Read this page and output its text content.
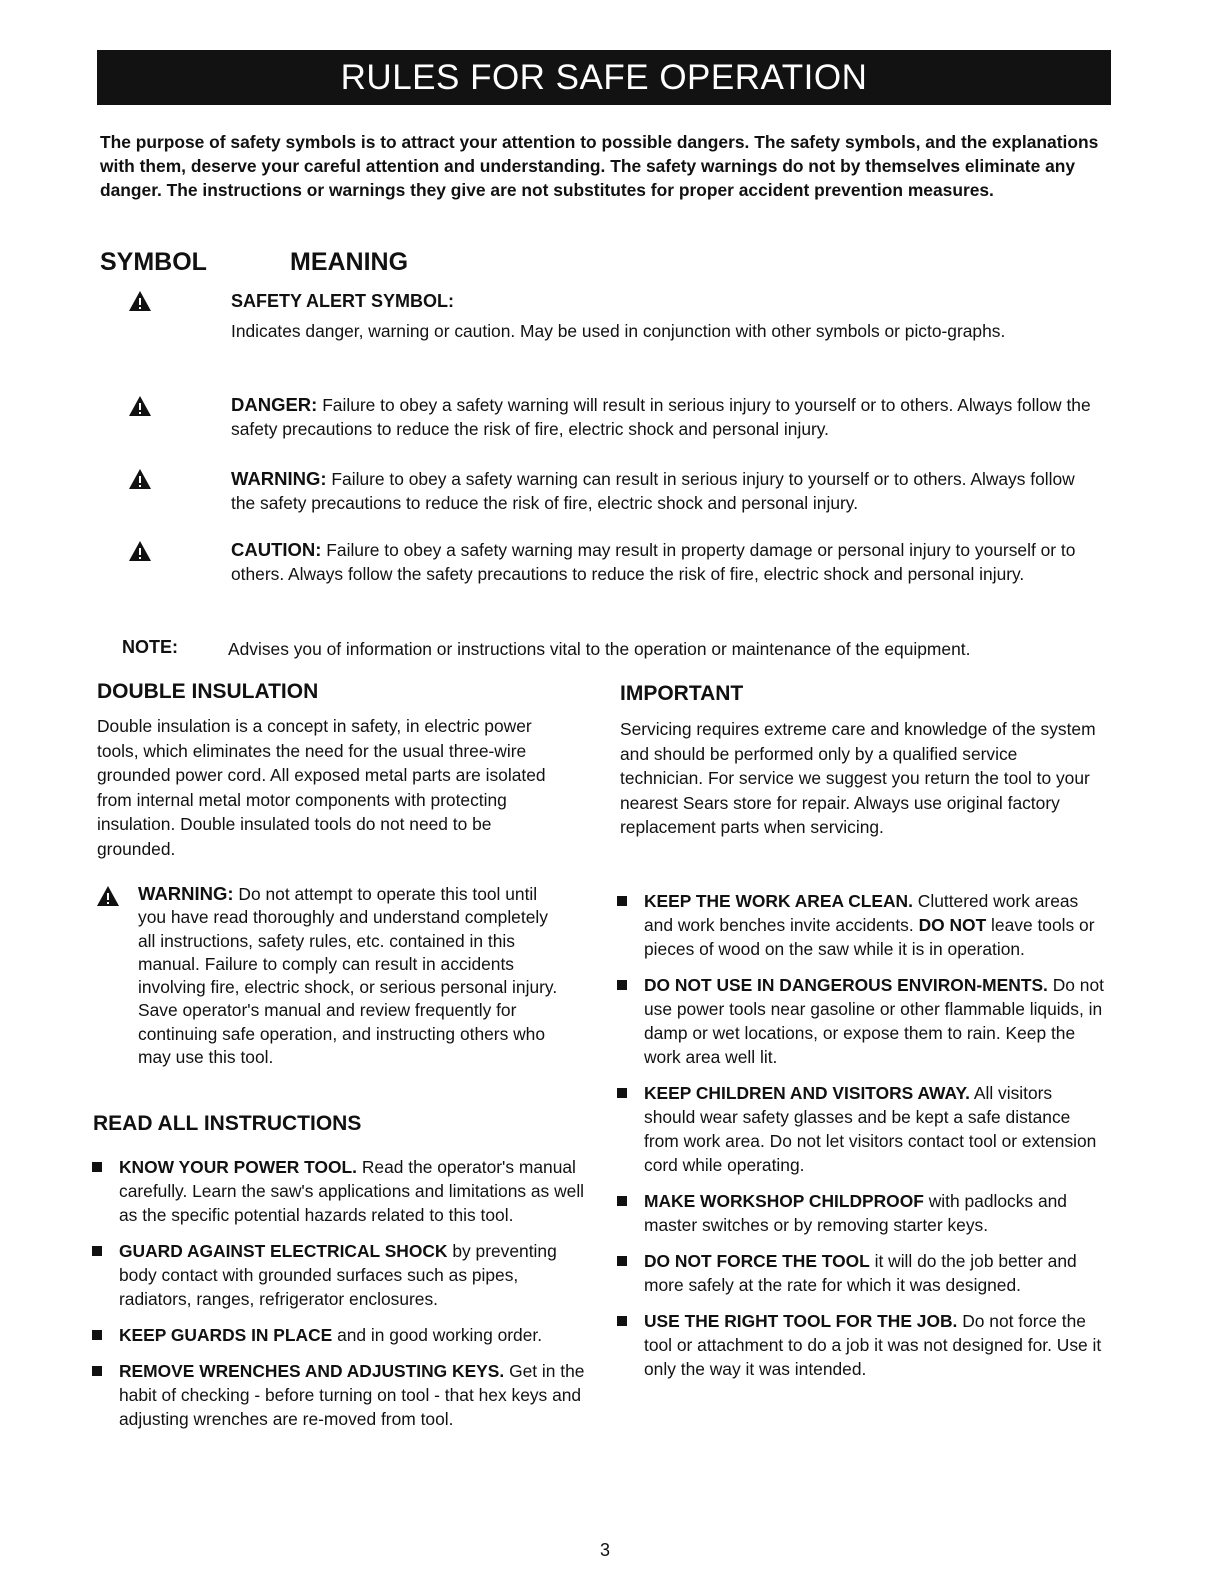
RULES FOR SAFE OPERATION
The purpose of safety symbols is to attract your attention to possible dangers. The safety symbols, and the explanations with them, deserve your careful attention and understanding. The safety warnings do not by themselves eliminate any danger. The instructions or warnings they give are not substitutes for proper accident prevention measures.
SYMBOL	MEANING
SAFETY ALERT SYMBOL:
Indicates danger, warning or caution. May be used in conjunction with other symbols or picto-graphs.
DANGER: Failure to obey a safety warning will result in serious injury to yourself or to others. Always follow the safety precautions to reduce the risk of fire, electric shock and personal injury.
WARNING: Failure to obey a safety warning can result in serious injury to yourself or to others. Always follow the safety precautions to reduce the risk of fire, electric shock and personal injury.
CAUTION: Failure to obey a safety warning may result in property damage or personal injury to yourself or to others. Always follow the safety precautions to reduce the risk of fire, electric shock and personal injury.
NOTE:	Advises you of information or instructions vital to the operation or maintenance of the equipment.
DOUBLE INSULATION
Double insulation is a concept in safety, in electric power tools, which eliminates the need for the usual three-wire grounded power cord. All exposed metal parts are isolated from internal metal motor components with protecting insulation. Double insulated tools do not need to be grounded.
IMPORTANT
Servicing requires extreme care and knowledge of the system and should be performed only by a qualified service technician. For service we suggest you return the tool to your nearest Sears store for repair. Always use original factory replacement parts when servicing.
WARNING: Do not attempt to operate this tool until you have read thoroughly and understand completely all instructions, safety rules, etc. contained in this manual. Failure to comply can result in accidents involving fire, electric shock, or serious personal injury. Save operator's manual and review frequently for continuing safe operation, and instructing others who may use this tool.
READ ALL INSTRUCTIONS
KNOW YOUR POWER TOOL. Read the operator's manual carefully. Learn the saw's applications and limitations as well as the specific potential hazards related to this tool.
GUARD AGAINST ELECTRICAL SHOCK by preventing body contact with grounded surfaces such as pipes, radiators, ranges, refrigerator enclosures.
KEEP GUARDS IN PLACE and in good working order.
REMOVE WRENCHES AND ADJUSTING KEYS. Get in the habit of checking - before turning on tool - that hex keys and adjusting wrenches are re-moved from tool.
KEEP THE WORK AREA CLEAN. Cluttered work areas and work benches invite accidents. DO NOT leave tools or pieces of wood on the saw while it is in operation.
DO NOT USE IN DANGEROUS ENVIRON-MENTS. Do not use power tools near gasoline or other flammable liquids, in damp or wet locations, or expose them to rain. Keep the work area well lit.
KEEP CHILDREN AND VISITORS AWAY. All visitors should wear safety glasses and be kept a safe distance from work area. Do not let visitors contact tool or extension cord while operating.
MAKE WORKSHOP CHILDPROOF with padlocks and master switches or by removing starter keys.
DO NOT FORCE THE TOOL it will do the job better and more safely at the rate for which it was designed.
USE THE RIGHT TOOL FOR THE JOB. Do not force the tool or attachment to do a job it was not designed for. Use it only the way it was intended.
3
